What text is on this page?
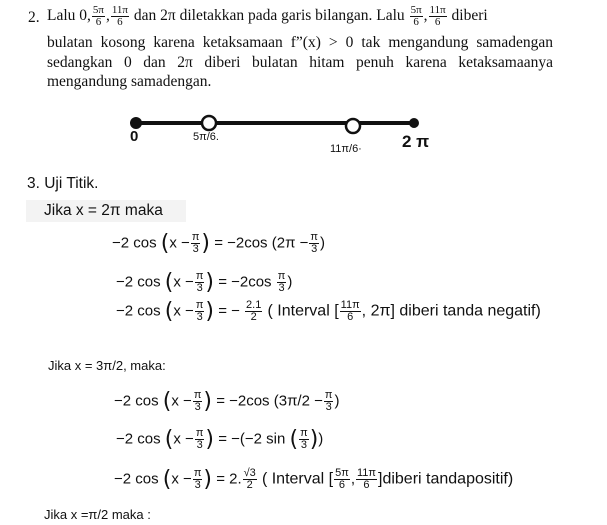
2. Lalu 0, $\frac{5\pi}{6}$ , $\frac{11\pi}{6}$ dan 2π diletakkan pada garis bilangan. Lalu $\frac{5\pi}{6}$ , $\frac{11\pi}{6}$ diberi
bulatan kosong karena ketaksamaan f”(x) > 0 tak mengandung samadengan sedangkan 0 dan 2π diberi bulatan hitam penuh karena ketaksamaanya mengandung samadengan.
0	5π/6.
11π/6· 2 π
3. Uji Titik.
Jika x = 2π maka
−2 $\cos (x - \frac{\pi}{3}$ ) = −2cos ($2\pi - \frac{\pi}{3}$ )
−2 $\cos (x - \frac{\pi}{3}$ ) = $-2\cos \frac{\pi}{3}$ )
−2 $\cos (x - \frac{\pi}{3}$ ) = − $\frac{2.1}{2}$ ( Interval [ $\frac{11\pi}{6}$ , 2π] diberi tanda negatif)
Jika x = 3π/2, maka:
−2 $\cos (x - \frac{\pi}{3}$ ) = −2cos ($3\pi/2 - \frac{\pi}{3}$ )
−2 $\cos (x - \frac{\pi}{3}$ ) = −(−2 sin ( $\frac{\pi}{3}$ ))
−2 $\cos (x - \frac{\pi}{3}$ ) = 2. $\frac{√3}{2}$ ( Interval [ $\frac{5\pi}{6}$ , $\frac{11\pi}{6}$ ]diberi tandapositif)
Jika x =π/2 maka :
